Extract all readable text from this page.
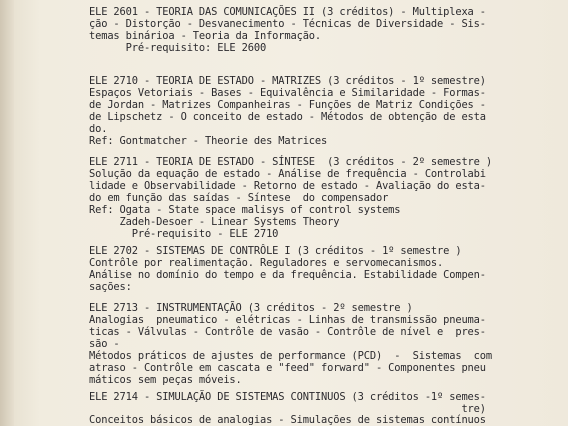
ELE 2601 - TEORIA DAS COMUNICAÇÕES II (3 créditos) - Multiplexa -
ção - Distorção - Desvanecimento - Técnicas de Diversidade - Sis-
temas binárioa - Teoria da Informação.
Pré-requisito: ELE 2600
ELE 2710 - TEORIA DE ESTADO - MATRIZES (3 créditos - 1º semestre)
Espaços Vetoriais - Bases - Equivalência e Similaridade - Formas-
de Jordan - Matrizes Companheiras - Funções de Matriz Condições -
de Lipschetz - O conceito de estado - Métodos de obtenção de esta
do.
Ref: Gontmatcher - Theorie des Matrices
ELE 2711 - TEORIA DE ESTADO - SÍNTESE  (3 créditos - 2º semestre )
Solução da equação de estado - Análise de frequência - Controlabi
lidade e Observabilidade - Retorno de estado - Avaliação do esta-
do em função das saídas - Síntese  do compensador
Ref: Ogata - State space malisys of control systems
Zadeh-Desoer - Linear Systems Theory
Pré-requisito - ELE 2710
ELE 2702 - SISTEMAS DE CONTRÔLE I (3 créditos - 1º semestre )
Contrôle por realimentação. Reguladores e servomecanismos.
Análise no domínio do tempo e da frequência. Estabilidade Compen-
sações:
ELE 2713 - INSTRUMENTAÇÃO (3 créditos - 2º semestre )
Analogias  pneumatico - elétricas - Linhas de transmissão pneuma-
ticas - Válvulas - Contrôle de vasão - Contrôle de nível e  pres-
são -
Métodos práticos de ajustes de performance (PCD)  -  Sistemas  com
atraso - Contrôle em cascata e "feed" forward" - Componentes pneu
máticos sem peças móveis.
ELE 2714 - SIMULAÇÃO DE SISTEMAS CONTINUOS (3 créditos -1º semes-
tre)
Conceitos básicos de analogias - Simulações de sistemas contínuos
